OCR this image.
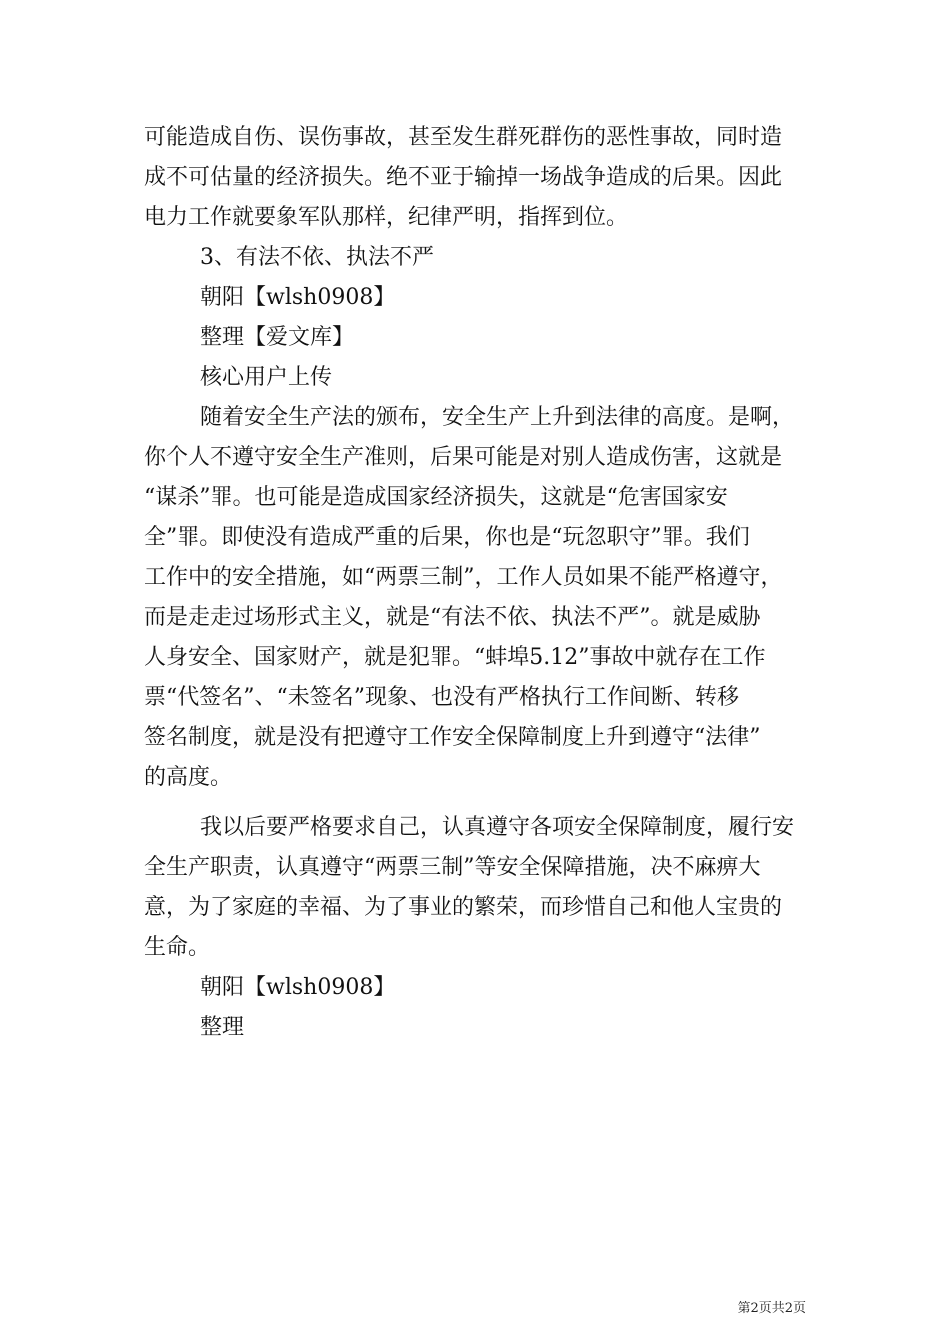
可能造成自伤、误伤事故，甚至发生群死群伤的恶性事故，同时造
成不可估量的经济损失。绝不亚于输掉一场战争造成的后果。因此
电力工作就要象军队那样，纪律严明，指挥到位。
3、有法不依、执法不严
朝阳【wlsh0908】
整理【爱文库】
核心用户上传
随着安全生产法的颁布，安全生产上升到法律的高度。是啊，
你个人不遵守安全生产准则，后果可能是对别人造成伤害，这就是
“谋杀”罪。也可能是造成国家经济损失，这就是“危害国家安
全”罪。即使没有造成严重的后果，你也是“玩忽职守”罪。我们
工作中的安全措施，如“两票三制”，工作人员如果不能严格遵守，
而是走走过场形式主义，就是“有法不依、执法不严”。就是威胁
人身安全、国家财产，就是犯罪。“蚌埠5.12”事故中就存在工作
票“代签名”、“未签名”现象、也没有严格执行工作间断、转移
签名制度，就是没有把遵守工作安全保障制度上升到遵守“法律”
的高度。
我以后要严格要求自己，认真遵守各项安全保障制度，履行安
全生产职责，认真遵守“两票三制”等安全保障措施，决不麻痹大
意，为了家庭的幸福、为了事业的繁荣，而珍惜自己和他人宝贵的
生命。
朝阳【wlsh0908】
整理
第2页共2页
